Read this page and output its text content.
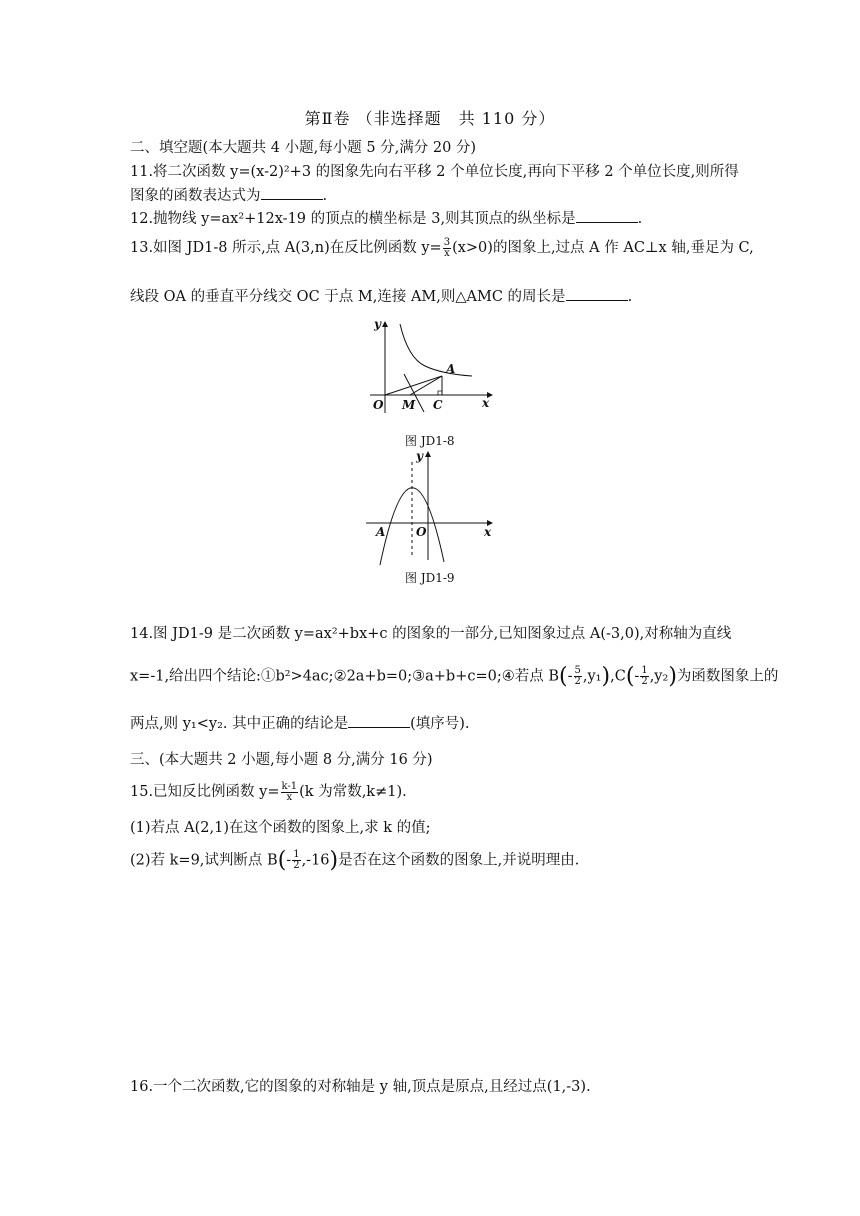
第Ⅱ卷 （非选择题　共 110 分）
二、填空题(本大题共 4 小题,每小题 5 分,满分 20 分)
11.将二次函数 y=(x-2)²+3 的图象先向右平移 2 个单位长度,再向下平移 2 个单位长度,则所得
图象的函数表达式为	.
12.抛物线 y=ax²+12x-19 的顶点的横坐标是 3,则其顶点的纵坐标是	.
13.如图 JD1-8 所示,点 A(3,n)在反比例函数 $y= \frac{3}{x} (x>0)$的图象上,过点 A 作 AC⊥x 轴,垂足为 C,
线段 OA 的垂直平分线交 OC 于点 M,连接 AM,则△AMC 的周长是	.
y
A
O M C	x
图 JD1-8
y
A	O	x
图 JD1-9
14.图 JD1-9 是二次函数 y=ax²+bx+c 的图象的一部分,已知图象过点 A(-3,0),对称轴为直线
x=-1,给出四个结论:①b²>4ac;②2a+b=0;③a+b+c=0;④若点 $B(- \frac{5}{2} ,y_1),C(- \frac{1}{2} ,y_2)$为函数图象上的
两点,则 y₁<y₂. 其中正确的结论是	(填序号).
三、(本大题共 2 小题,每小题 8 分,满分 16 分)
15.已知反比例函数 $y= \frac{k-1}{x} (k$ 为常数,k≠1).
(1)若点 A(2,1)在这个函数的图象上,求 k 的值;
(2)若 k=9,试判断点 $B(- \frac{1}{2} ,-16)$是否在这个函数的图象上,并说明理由.
16.一个二次函数,它的图象的对称轴是 y 轴,顶点是原点,且经过点(1,-3).
